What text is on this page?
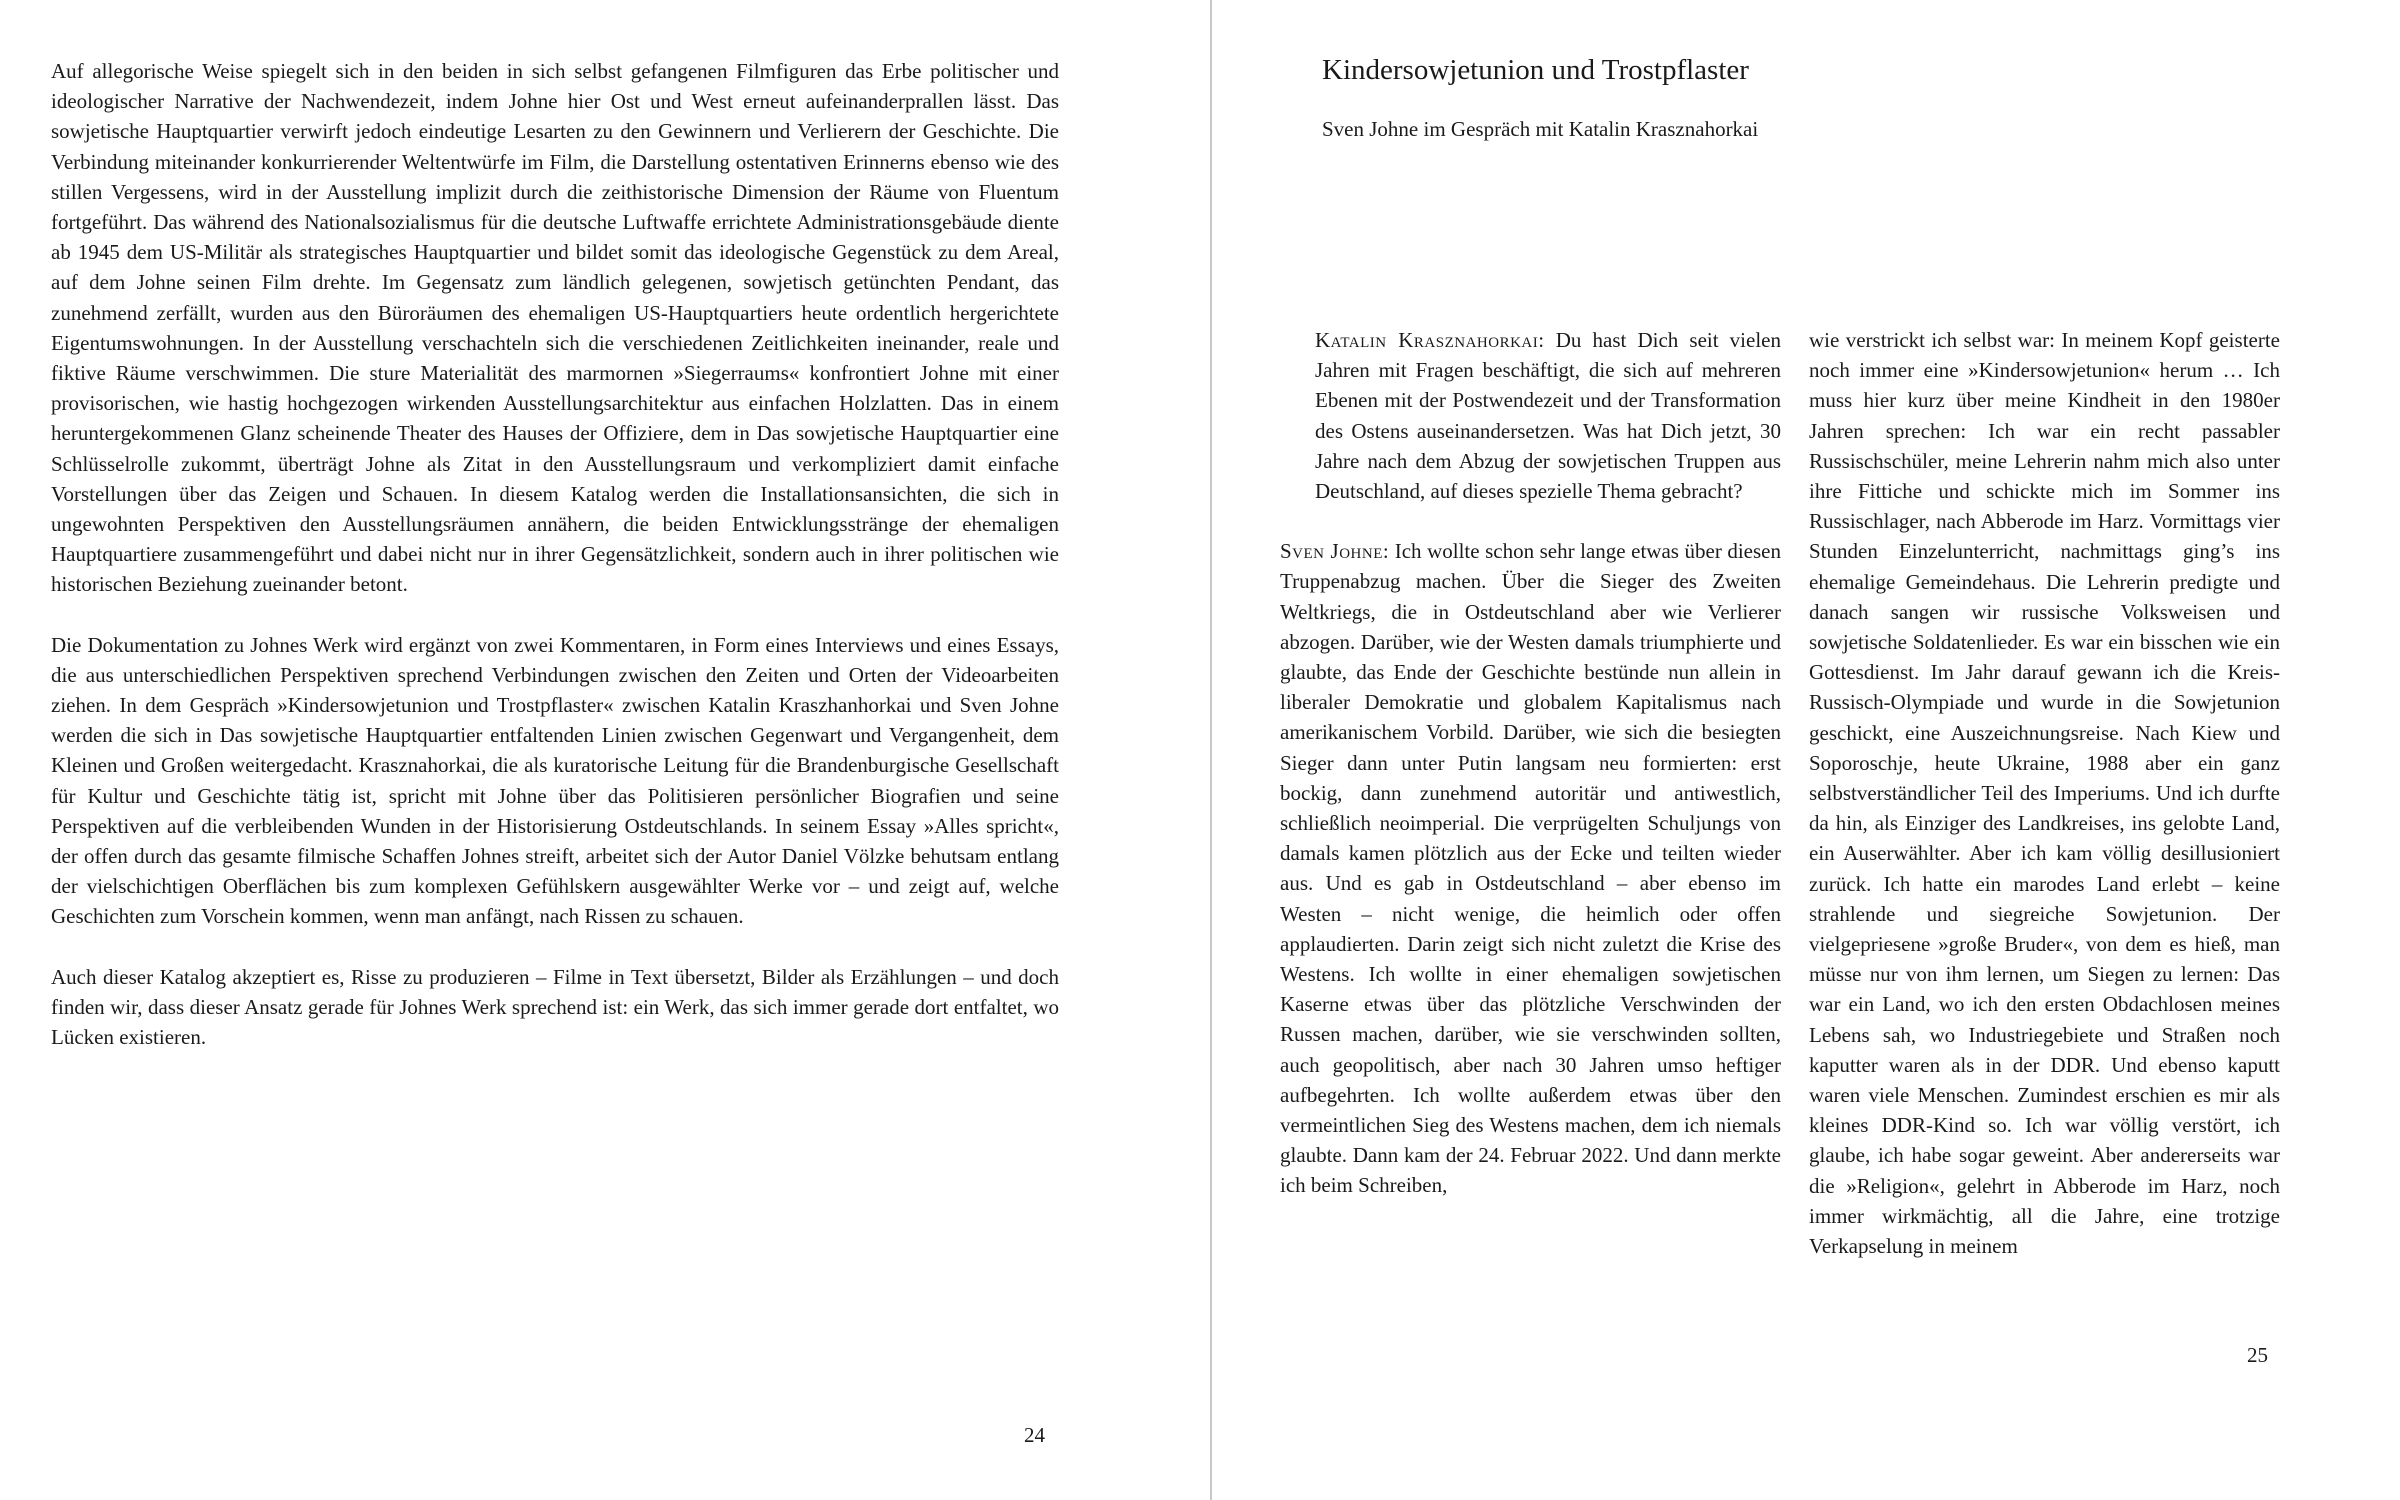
Auf allegorische Weise spiegelt sich in den beiden in sich selbst gefangenen Filmfiguren das Erbe politischer und ideologischer Narrative der Nachwendezeit, indem Johne hier Ost und West erneut aufeinanderprallen lässt. Das sowjetische Hauptquartier verwirft jedoch eindeutige Lesarten zu den Gewinnern und Verlierern der Geschichte. Die Verbindung miteinander konkurrierender Weltentwürfe im Film, die Darstellung ostentativen Erinnerns ebenso wie des stillen Vergessens, wird in der Ausstellung implizit durch die zeithistorische Dimension der Räume von Fluentum fortgeführt. Das während des Nationalsozialismus für die deutsche Luftwaffe errichtete Administrationsgebäude diente ab 1945 dem US-Militär als strategisches Hauptquartier und bildet somit das ideologische Gegenstück zu dem Areal, auf dem Johne seinen Film drehte. Im Gegensatz zum ländlich gelegenen, sowjetisch getünchten Pendant, das zunehmend zerfällt, wurden aus den Büroräumen des ehemaligen US-Hauptquartiers heute ordentlich hergerichtete Eigentumswohnungen. In der Ausstellung verschachteln sich die verschiedenen Zeitlichkeiten ineinander, reale und fiktive Räume verschwimmen. Die sture Materialität des marmornen »Siegerraums« konfrontiert Johne mit einer provisorischen, wie hastig hochgezogen wirkenden Ausstellungsarchitektur aus einfachen Holzlatten. Das in einem heruntergekommenen Glanz scheinende Theater des Hauses der Offiziere, dem in Das sowjetische Hauptquartier eine Schlüsselrolle zukommt, überträgt Johne als Zitat in den Ausstellungsraum und verkompliziert damit einfache Vorstellungen über das Zeigen und Schauen. In diesem Katalog werden die Installationsansichten, die sich in ungewohnten Perspektiven den Ausstellungsräumen annähern, die beiden Entwicklungsstränge der ehemaligen Hauptquartiere zusammengeführt und dabei nicht nur in ihrer Gegensätzlichkeit, sondern auch in ihrer politischen wie historischen Beziehung zueinander betont.

Die Dokumentation zu Johnes Werk wird ergänzt von zwei Kommentaren, in Form eines Interviews und eines Essays, die aus unterschiedlichen Perspektiven sprechend Verbindungen zwischen den Zeiten und Orten der Videoarbeiten ziehen. In dem Gespräch »Kindersowjetunion und Trostpflaster« zwischen Katalin Kraszhanhorkai und Sven Johne werden die sich in Das sowjetische Hauptquartier entfaltenden Linien zwischen Gegenwart und Vergangenheit, dem Kleinen und Großen weitergedacht. Krasznahorkai, die als kuratorische Leitung für die Brandenburgische Gesellschaft für Kultur und Geschichte tätig ist, spricht mit Johne über das Politisieren persönlicher Biografien und seine Perspektiven auf die verbleibenden Wunden in der Historisierung Ostdeutschlands. In seinem Essay »Alles spricht«, der offen durch das gesamte filmische Schaffen Johnes streift, arbeitet sich der Autor Daniel Völzke behutsam entlang der vielschichtigen Oberflächen bis zum komplexen Gefühlskern ausgewählter Werke vor – und zeigt auf, welche Geschichten zum Vorschein kommen, wenn man anfängt, nach Rissen zu schauen.

Auch dieser Katalog akzeptiert es, Risse zu produzieren – Filme in Text übersetzt, Bilder als Erzählungen – und doch finden wir, dass dieser Ansatz gerade für Johnes Werk sprechend ist: ein Werk, das sich immer gerade dort entfaltet, wo Lücken existieren.

24
Kindersowjetunion und Trostpflaster

Sven Johne im Gespräch mit Katalin Krasznahorkai

Katalin Krasznahorkai: Du hast Dich seit vielen Jahren mit Fragen beschäftigt, die sich auf mehreren Ebenen mit der Postwendezeit und der Transformation des Ostens auseinandersetzen. Was hat Dich jetzt, 30 Jahre nach dem Abzug der sowjetischen Truppen aus Deutschland, auf dieses spezielle Thema gebracht?

Sven Johne: Ich wollte schon sehr lange etwas über diesen Truppenabzug machen. Über die Sieger des Zweiten Weltkriegs, die in Ostdeutschland aber wie Verlierer abzogen. Darüber, wie der Westen damals triumphierte und glaubte, das Ende der Geschichte bestünde nun allein in liberaler Demokratie und globalem Kapitalismus nach amerikanischem Vorbild. Darüber, wie sich die besiegten Sieger dann unter Putin langsam neu formierten: erst bockig, dann zunehmend autoritär und antiwestlich, schließlich neoimperial. Die verprügelten Schuljungs von damals kamen plötzlich aus der Ecke und teilten wieder aus. Und es gab in Ostdeutschland – aber ebenso im Westen – nicht wenige, die heimlich oder offen applaudierten. Darin zeigt sich nicht zuletzt die Krise des Westens. Ich wollte in einer ehemaligen sowjetischen Kaserne etwas über das plötzliche Verschwinden der Russen machen, darüber, wie sie verschwinden sollten, auch geopolitisch, aber nach 30 Jahren umso heftiger aufbegehrten. Ich wollte außerdem etwas über den vermeintlichen Sieg des Westens machen, dem ich niemals glaubte. Dann kam der 24. Februar 2022. Und dann merkte ich beim Schreiben,

wie verstrickt ich selbst war: In meinem Kopf geisterte noch immer eine »Kindersowjetunion« herum … Ich muss hier kurz über meine Kindheit in den 1980er Jahren sprechen: Ich war ein recht passabler Russischschüler, meine Lehrerin nahm mich also unter ihre Fittiche und schickte mich im Sommer ins Russischlager, nach Abberode im Harz. Vormittags vier Stunden Einzelunterricht, nachmittags ging’s ins ehemalige Gemeindehaus. Die Lehrerin predigte und danach sangen wir russische Volksweisen und sowjetische Soldatenlieder. Es war ein bisschen wie ein Gottesdienst. Im Jahr darauf gewann ich die Kreis-Russisch-Olympiade und wurde in die Sowjetunion geschickt, eine Auszeichnungsreise. Nach Kiew und Soporoschje, heute Ukraine, 1988 aber ein ganz selbstverständlicher Teil des Imperiums. Und ich durfte da hin, als Einziger des Landkreises, ins gelobte Land, ein Auserwählter. Aber ich kam völlig desillusioniert zurück. Ich hatte ein marodes Land erlebt – keine strahlende und siegreiche Sowjetunion. Der vielgepriesene »große Bruder«, von dem es hieß, man müsse nur von ihm lernen, um Siegen zu lernen: Das war ein Land, wo ich den ersten Obdachlosen meines Lebens sah, wo Industriegebiete und Straßen noch kaputter waren als in der DDR. Und ebenso kaputt waren viele Menschen. Zumindest erschien es mir als kleines DDR-Kind so. Ich war völlig verstört, ich glaube, ich habe sogar geweint. Aber andererseits war die »Religion«, gelehrt in Abberode im Harz, noch immer wirkmächtig, all die Jahre, eine trotzige Verkapselung in meinem

25
